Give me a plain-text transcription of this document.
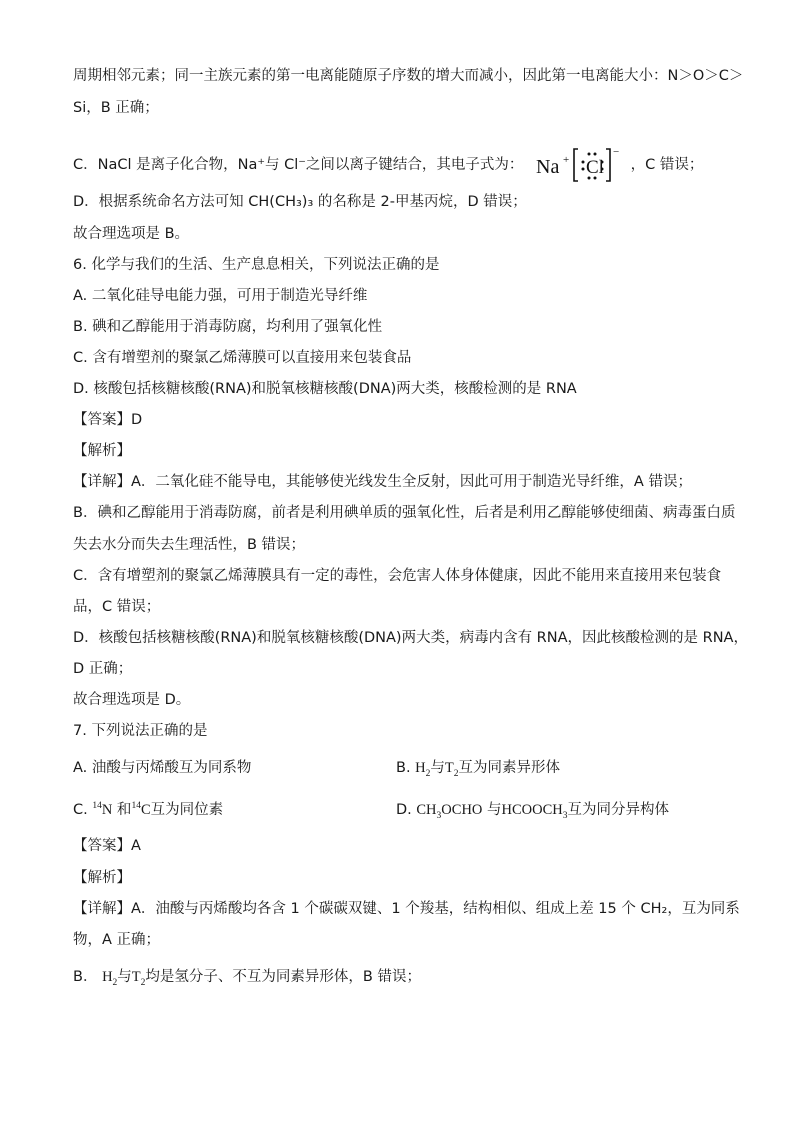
周期相邻元素；同一主族元素的第一电离能随原子序数的增大而减小，因此第一电离能大小：N＞O＞C＞
Si，B 正确；
C．NaCl 是离子化合物，Na⁺与 Cl⁻之间以离子键结合，其电子式为： Na + Cl
−
，C 错误；
D．根据系统命名方法可知 CH(CH₃)₃ 的名称是 2-甲基丙烷，D 错误；
故合理选项是 B。
6. 化学与我们的生活、生产息息相关，下列说法正确的是
A. 二氧化硅导电能力强，可用于制造光导纤维
B. 碘和乙醇能用于消毒防腐，均利用了强氧化性
C. 含有增塑剂的聚氯乙烯薄膜可以直接用来包装食品
D. 核酸包括核糖核酸(RNA)和脱氧核糖核酸(DNA)两大类，核酸检测的是 RNA
【答案】D
【解析】
【详解】A．二氧化硅不能导电，其能够使光线发生全反射，因此可用于制造光导纤维，A 错误；
B．碘和乙醇能用于消毒防腐，前者是利用碘单质的强氧化性，后者是利用乙醇能够使细菌、病毒蛋白质
失去水分而失去生理活性，B 错误；
C．含有增塑剂的聚氯乙烯薄膜具有一定的毒性，会危害人体身体健康，因此不能用来直接用来包装食
品，C 错误；
D．核酸包括核糖核酸(RNA)和脱氧核糖核酸(DNA)两大类，病毒内含有 RNA，因此核酸检测的是 RNA，
D 正确；
故合理选项是 D。
7. 下列说法正确的是
A. 油酸与丙烯酸互为同系物	B. $H_2$与$T_2$互为同素异形体
C. $^{14}$N 和$^{14}$C互为同位素	D. $CH_3OCHO$ 与$HCOOCH_3$互为同分异构体
【答案】A
【解析】
【详解】A．油酸与丙烯酸均各含 1 个碳碳双键、1 个羧基，结构相似、组成上差 15 个 CH₂，互为同系
物，A 正确；
B． $H_2$与$T_2$均是氢分子、不互为同素异形体，B 错误；
